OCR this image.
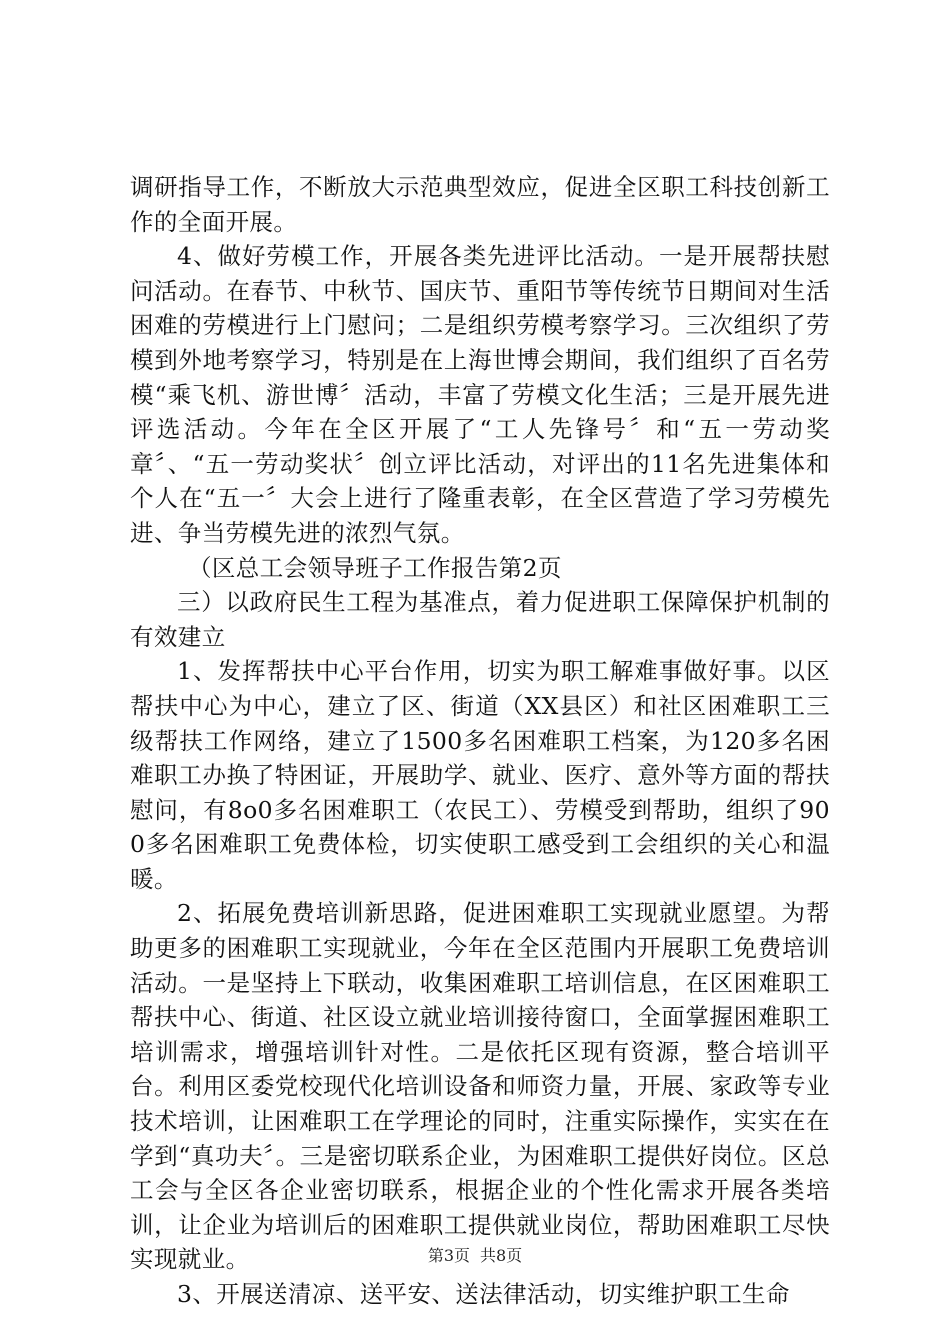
调研指导工作，不断放大示范典型效应，促进全区职工科技创新工作的全面开展。

4、做好劳模工作，开展各类先进评比活动。一是开展帮扶慰问活动。在春节、中秋节、国庆节、重阳节等传统节日期间对生活困难的劳模进行上门慰问；二是组织劳模考察学习。三次组织了劳模到外地考察学习，特别是在上海世博会期间，我们组织了百名劳模“乘飞机、游世博〞活动，丰富了劳模文化生活；三是开展先进评选活动。今年在全区开展了“工人先锋号〞和“五一劳动奖章〞、“五一劳动奖状〞创立评比活动，对评出的11名先进集体和个人在“五一〞大会上进行了隆重表彰，在全区营造了学习劳模先进、争当劳模先进的浓烈气氛。

（区总工会领导班子工作报告第2页

三）以政府民生工程为基准点，着力促进职工保障保护机制的有效建立

1、发挥帮扶中心平台作用，切实为职工解难事做好事。以区帮扶中心为中心，建立了区、街道（XX县区）和社区困难职工三级帮扶工作网络，建立了1500多名困难职工档案，为120多名困难职工办换了特困证，开展助学、就业、医疗、意外等方面的帮扶慰问，有8o0多名困难职工（农民工）、劳模受到帮助，组织了900多名困难职工免费体检，切实使职工感受到工会组织的关心和温暖。

2、拓展免费培训新思路，促进困难职工实现就业愿望。为帮助更多的困难职工实现就业，今年在全区范围内开展职工免费培训活动。一是坚持上下联动，收集困难职工培训信息，在区困难职工帮扶中心、街道、社区设立就业培训接待窗口，全面掌握困难职工培训需求，增强培训针对性。二是依托区现有资源，整合培训平台。利用区委党校现代化培训设备和师资力量，开展、家政等专业技术培训，让困难职工在学理论的同时，注重实际操作，实实在在学到“真功夫〞。三是密切联系企业，为困难职工提供好岗位。区总工会与全区各企业密切联系，根据企业的个性化需求开展各类培训，让企业为培训后的困难职工提供就业岗位，帮助困难职工尽快实现就业。

3、开展送清凉、送平安、送法律活动，切实维护职工生命

第3页 共8页
